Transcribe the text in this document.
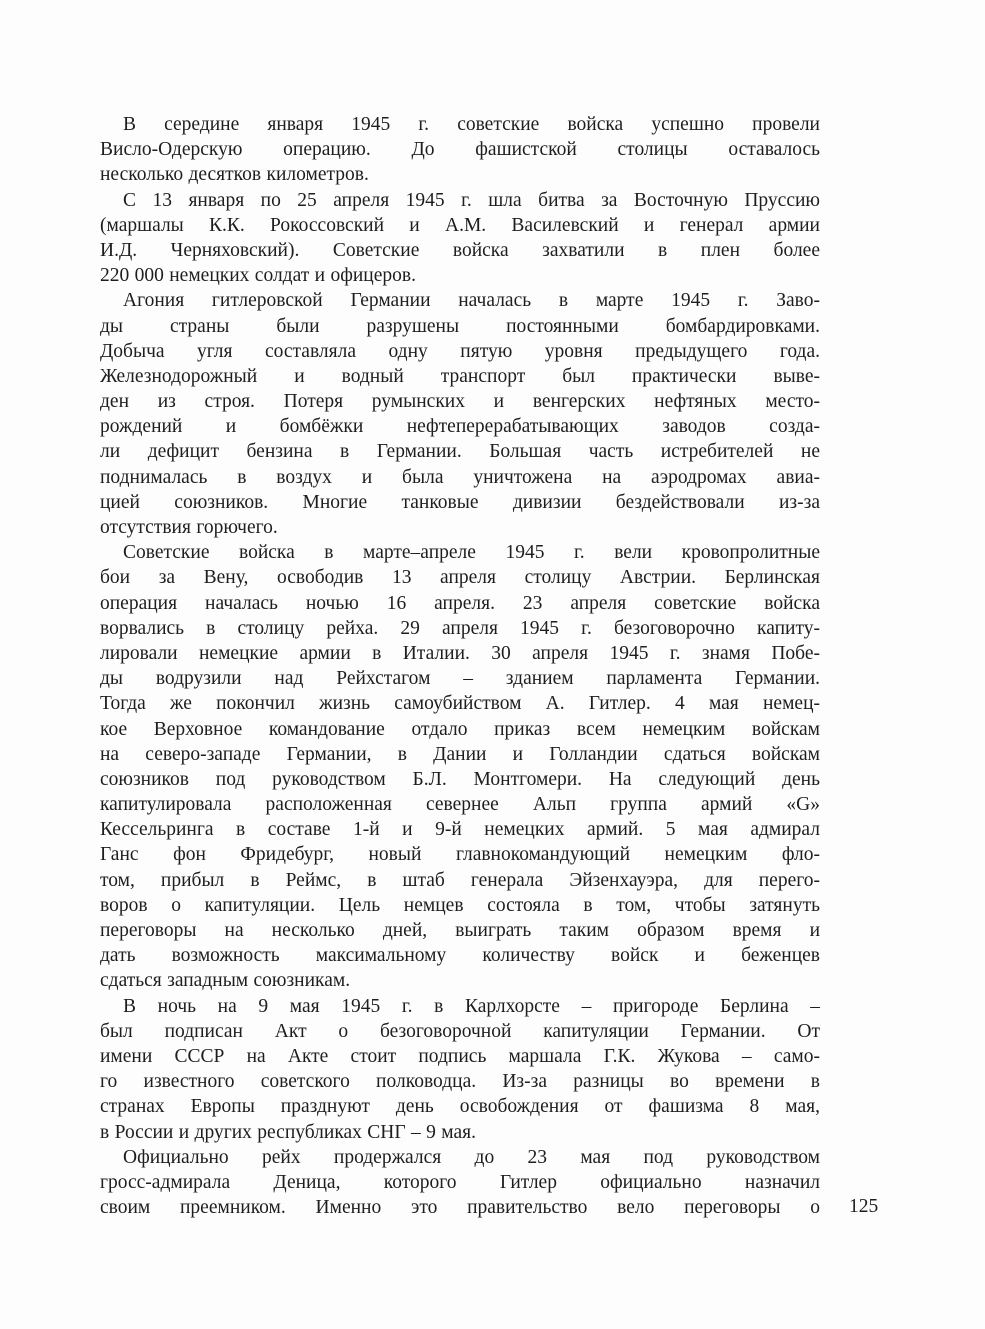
В середине января 1945 г. советские войска успешно провели
Висло-Одерскую операцию. До фашистской столицы оставалось
несколько десятков километров.
С 13 января по 25 апреля 1945 г. шла битва за Восточную Пруссию
(маршалы К.К. Рокоссовский и А.М. Василевский и генерал армии
И.Д. Черняховский). Советские войска захватили в плен более
220 000 немецких солдат и офицеров.
Агония гитлеровской Германии началась в марте 1945 г. Заво-
ды страны были разрушены постоянными бомбардировками.
Добыча угля составляла одну пятую уровня предыдущего года.
Железнодорожный и водный транспорт был практически выве-
ден из строя. Потеря румынских и венгерских нефтяных место-
рождений и бомбёжки нефтеперерабатывающих заводов созда-
ли дефицит бензина в Германии. Большая часть истребителей не
поднималась в воздух и была уничтожена на аэродромах авиа-
цией союзников. Многие танковые дивизии бездействовали из-за
отсутствия горючего.
Советские войска в марте–апреле 1945 г. вели кровопролитные
бои за Вену, освободив 13 апреля столицу Австрии. Берлинская
операция началась ночью 16 апреля. 23 апреля советские войска
ворвались в столицу рейха. 29 апреля 1945 г. безоговорочно капиту-
лировали немецкие армии в Италии. 30 апреля 1945 г. знамя Побе-
ды водрузили над Рейхстагом – зданием парламента Германии.
Тогда же покончил жизнь самоубийством А. Гитлер. 4 мая немец-
кое Верховное командование отдало приказ всем немецким войскам
на северо-западе Германии, в Дании и Голландии сдаться войскам
союзников под руководством Б.Л. Монтгомери. На следующий день
капитулировала расположенная севернее Альп группа армий «G»
Кессельринга в составе 1-й и 9-й немецких армий. 5 мая адмирал
Ганс фон Фридебург, новый главнокомандующий немецким фло-
том, прибыл в Реймс, в штаб генерала Эйзенхауэра, для перего-
воров о капитуляции. Цель немцев состояла в том, чтобы затянуть
переговоры на несколько дней, выиграть таким образом время и
дать возможность максимальному количеству войск и беженцев
сдаться западным союзникам.
В ночь на 9 мая 1945 г. в Карлхорсте – пригороде Берлина –
был подписан Акт о безоговорочной капитуляции Германии. От
имени СССР на Акте стоит подпись маршала Г.К. Жукова – само-
го известного советского полководца. Из-за разницы во времени в
странах Европы празднуют день освобождения от фашизма 8 мая,
в России и других республиках СНГ – 9 мая.
Официально рейх продержался до 23 мая под руководством
гросс-адмирала Деница, которого Гитлер официально назначил
своим преемником. Именно это правительство вело переговоры о 125
